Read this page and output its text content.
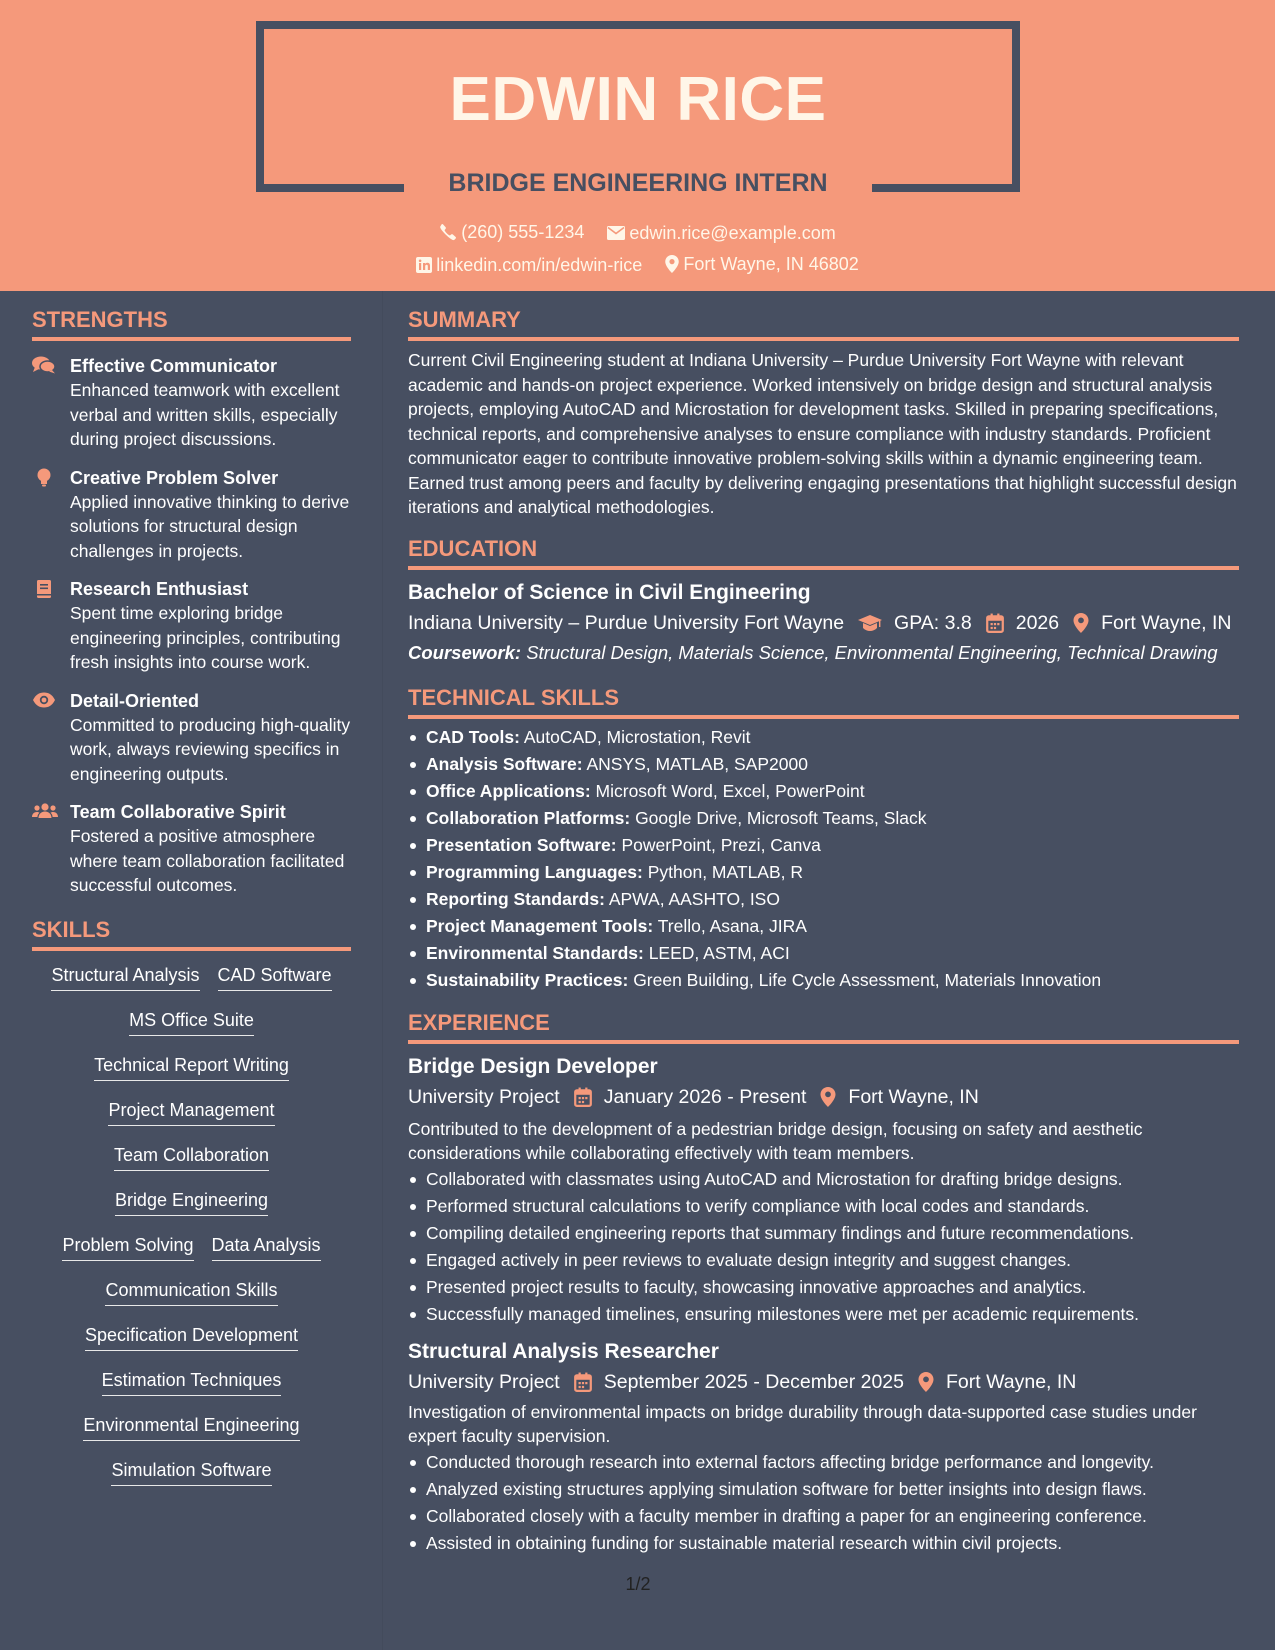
EDWIN RICE
BRIDGE ENGINEERING INTERN
(260) 555-1234
	edwin.rice@example.com
linkedin.com/in/edwin-rice
Fort Wayne, IN 46802
STRENGTHS
Effective Communicator
Enhanced teamwork with excellent verbal and written skills, especially during project discussions.
Creative Problem Solver
Applied innovative thinking to derive solutions for structural design challenges in projects.
Research Enthusiast
Spent time exploring bridge engineering principles, contributing fresh insights into course work.
Detail-Oriented
Committed to producing high-quality work, always reviewing specifics in engineering outputs.
Team Collaborative Spirit
Fostered a positive atmosphere where team collaboration facilitated successful outcomes.
SKILLS
Structural Analysis CAD Software
MS Office Suite
Technical Report Writing
Project Management
Team Collaboration
Bridge Engineering
Problem Solving Data Analysis
Communication Skills
Specification Development
Estimation Techniques
Environmental Engineering
Simulation Software
SUMMARY
Current Civil Engineering student at Indiana University – Purdue University Fort Wayne with relevant academic and hands-on project experience. Worked intensively on bridge design and structural analysis projects, employing AutoCAD and Microstation for development tasks. Skilled in preparing specifications, technical reports, and comprehensive analyses to ensure compliance with industry standards. Proficient communicator eager to contribute innovative problem-solving skills within a dynamic engineering team. Earned trust among peers and faculty by delivering engaging presentations that highlight successful design iterations and analytical methodologies.
EDUCATION
Bachelor of Science in Civil Engineering
Indiana University – Purdue University Fort Wayne	GPA: 3.8 2026 Fort Wayne, IN
Coursework: Structural Design, Materials Science, Environmental Engineering, Technical Drawing
TECHNICAL SKILLS
CAD Tools: AutoCAD, Microstation, Revit
Analysis Software: ANSYS, MATLAB, SAP2000
Office Applications: Microsoft Word, Excel, PowerPoint
Collaboration Platforms: Google Drive, Microsoft Teams, Slack
Presentation Software: PowerPoint, Prezi, Canva
Programming Languages: Python, MATLAB, R
Reporting Standards: APWA, AASHTO, ISO
Project Management Tools: Trello, Asana, JIRA
Environmental Standards: LEED, ASTM, ACI
Sustainability Practices: Green Building, Life Cycle Assessment, Materials Innovation
EXPERIENCE
Bridge Design Developer
University Project January 2026 - Present Fort Wayne, IN
Contributed to the development of a pedestrian bridge design, focusing on safety and aesthetic considerations while collaborating effectively with team members.
Collaborated with classmates using AutoCAD and Microstation for drafting bridge designs.
Performed structural calculations to verify compliance with local codes and standards.
Compiling detailed engineering reports that summary findings and future recommendations.
Engaged actively in peer reviews to evaluate design integrity and suggest changes.
Presented project results to faculty, showcasing innovative approaches and analytics.
Successfully managed timelines, ensuring milestones were met per academic requirements.
Structural Analysis Researcher
University Project September 2025 - December 2025 Fort Wayne, IN
Investigation of environmental impacts on bridge durability through data-supported case studies under expert faculty supervision.
Conducted thorough research into external factors affecting bridge performance and longevity.
Analyzed existing structures applying simulation software for better insights into design flaws.
Collaborated closely with a faculty member in drafting a paper for an engineering conference.
Assisted in obtaining funding for sustainable material research within civil projects.
1/2
